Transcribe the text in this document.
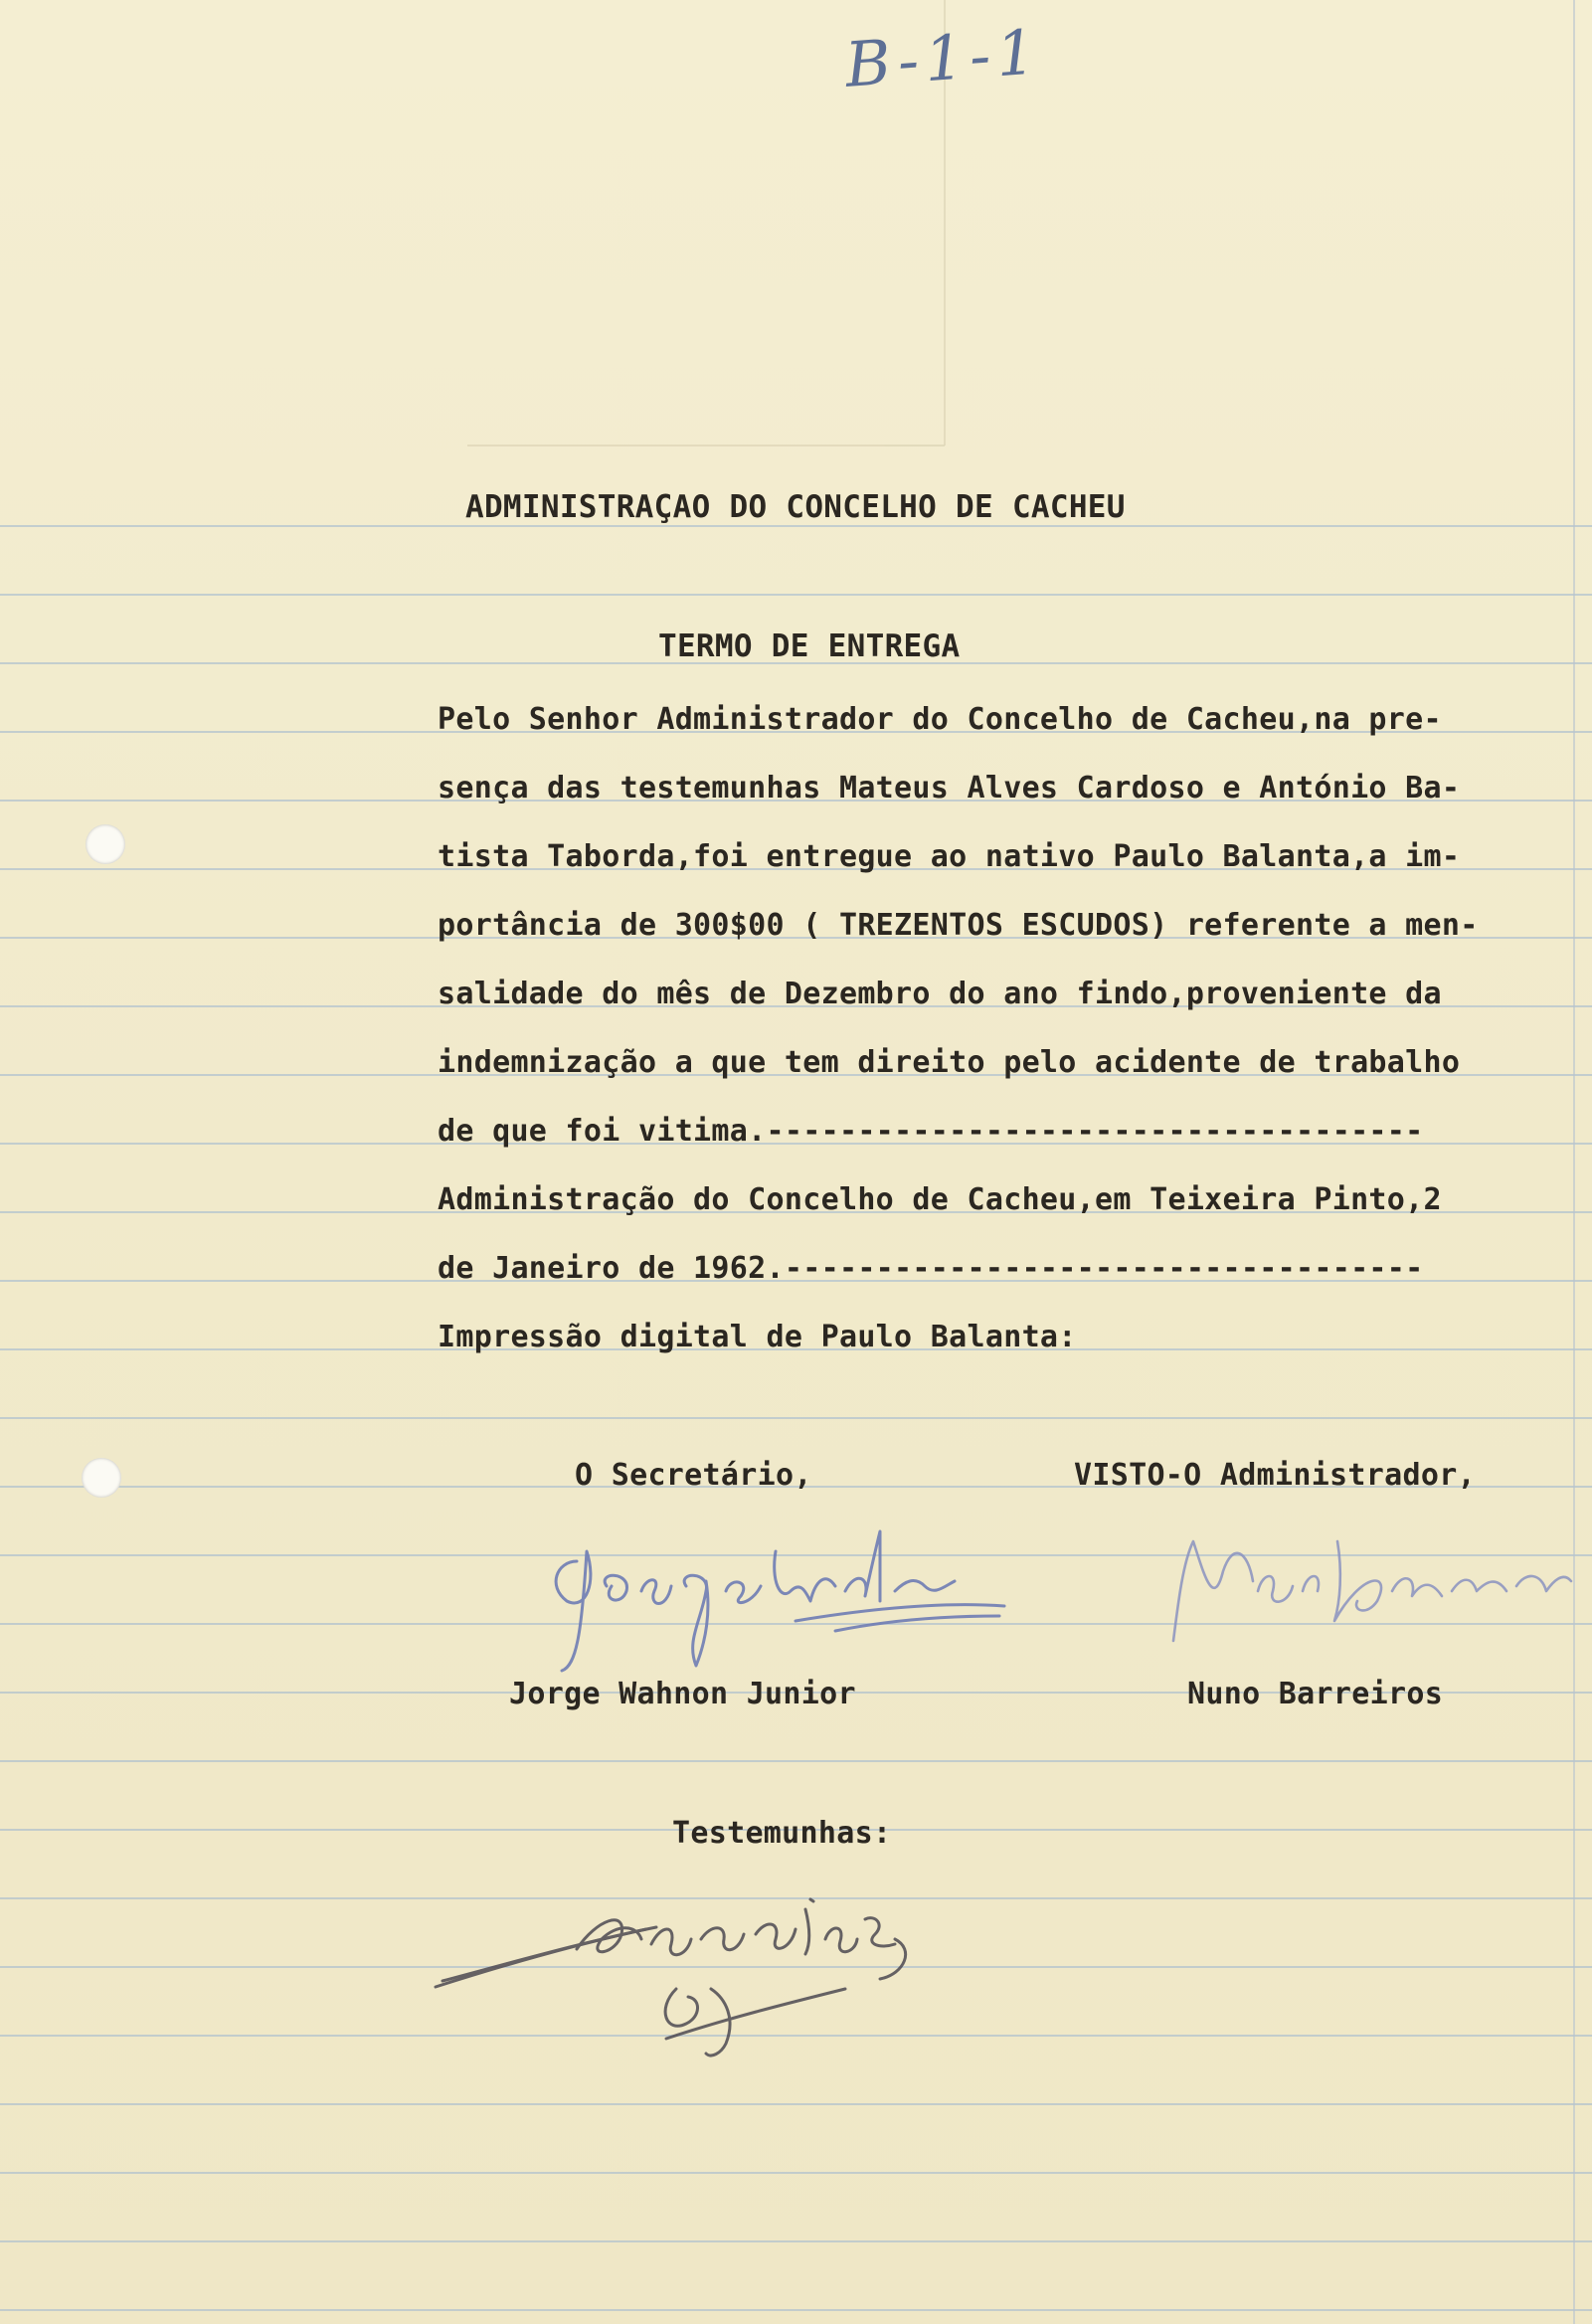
B-1-1
ADMINISTRAÇAO DO CONCELHO DE CACHEU
TERMO DE ENTREGA
Pelo Senhor Administrador do Concelho de Cacheu,na pre-
sença das testemunhas Mateus Alves Cardoso e António Ba-
tista Taborda,foi entregue ao nativo Paulo Balanta,a im-
portância de 300$00 ( TREZENTOS ESCUDOS) referente a men-
salidade do mês de Dezembro do ano findo,proveniente da
indemnização a que tem direito pelo acidente de trabalho
de que foi vitima.------------------------------------
Administração do Concelho de Cacheu,em Teixeira Pinto,2
de Janeiro de 1962.-----------------------------------
Impressão digital de Paulo Balanta:
O Secretário,	VISTO-O Administrador,
Jorge Wahnon Junior	Nuno Barreiros
Testemunhas:
